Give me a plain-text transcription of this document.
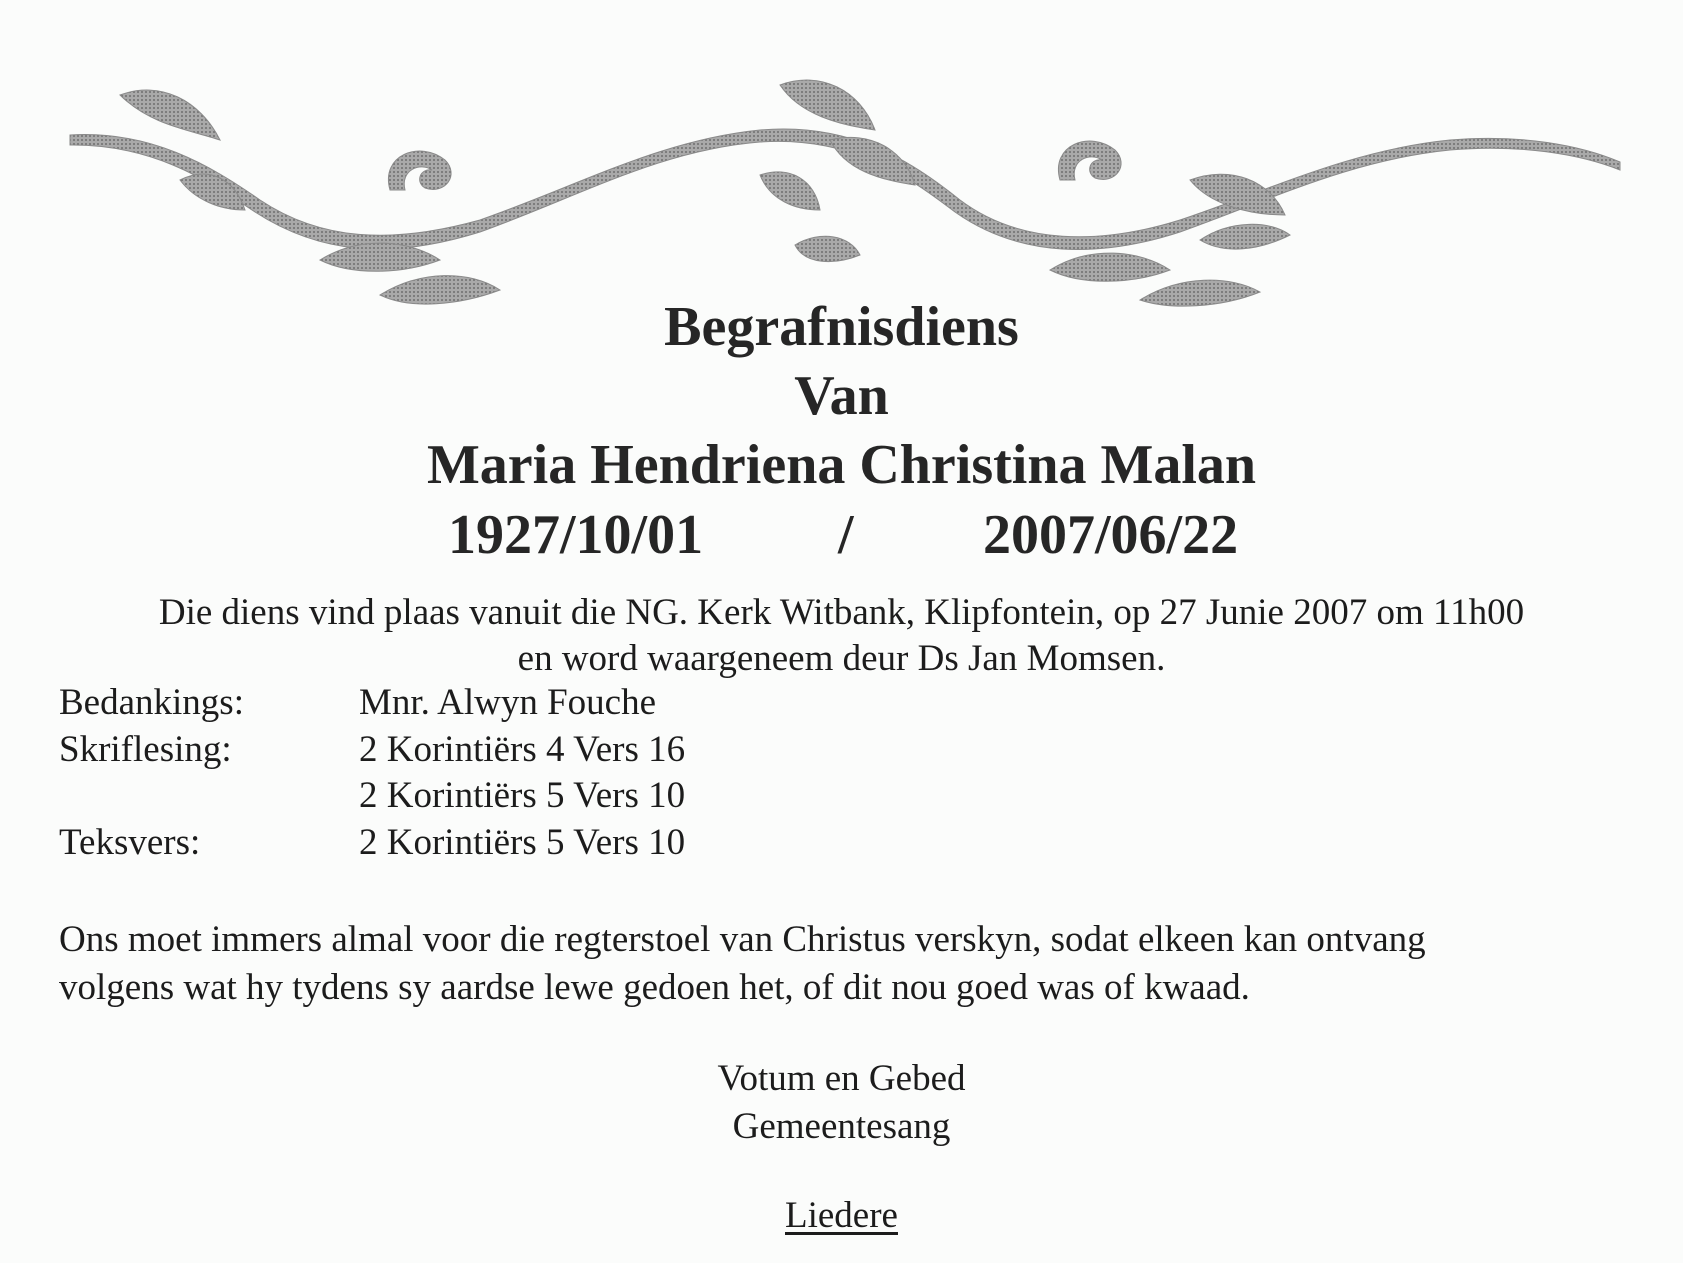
Begrafnisdiens
Van
Maria Hendriena Christina Malan
1927/10/01 / 2007/06/22

Die diens vind plaas vanuit die NG. Kerk Witbank, Klipfontein, op 27 Junie 2007 om 11h00

en word waargeneem deur Ds Jan Momsen.

Bedankings:	Mnr. Alwyn Fouche
Skriflesing:	2 Korintiërs 4 Vers 16
2 Korintiërs 5 Vers 10
Teksvers:	2 Korintiërs 5 Vers 10

Ons moet immers almal voor die regterstoel van Christus verskyn, sodat elkeen kan ontvang

volgens wat hy tydens sy aardse lewe gedoen het, of dit nou goed was of kwaad.

Votum en Gebed

Gemeentesang

Liedere
